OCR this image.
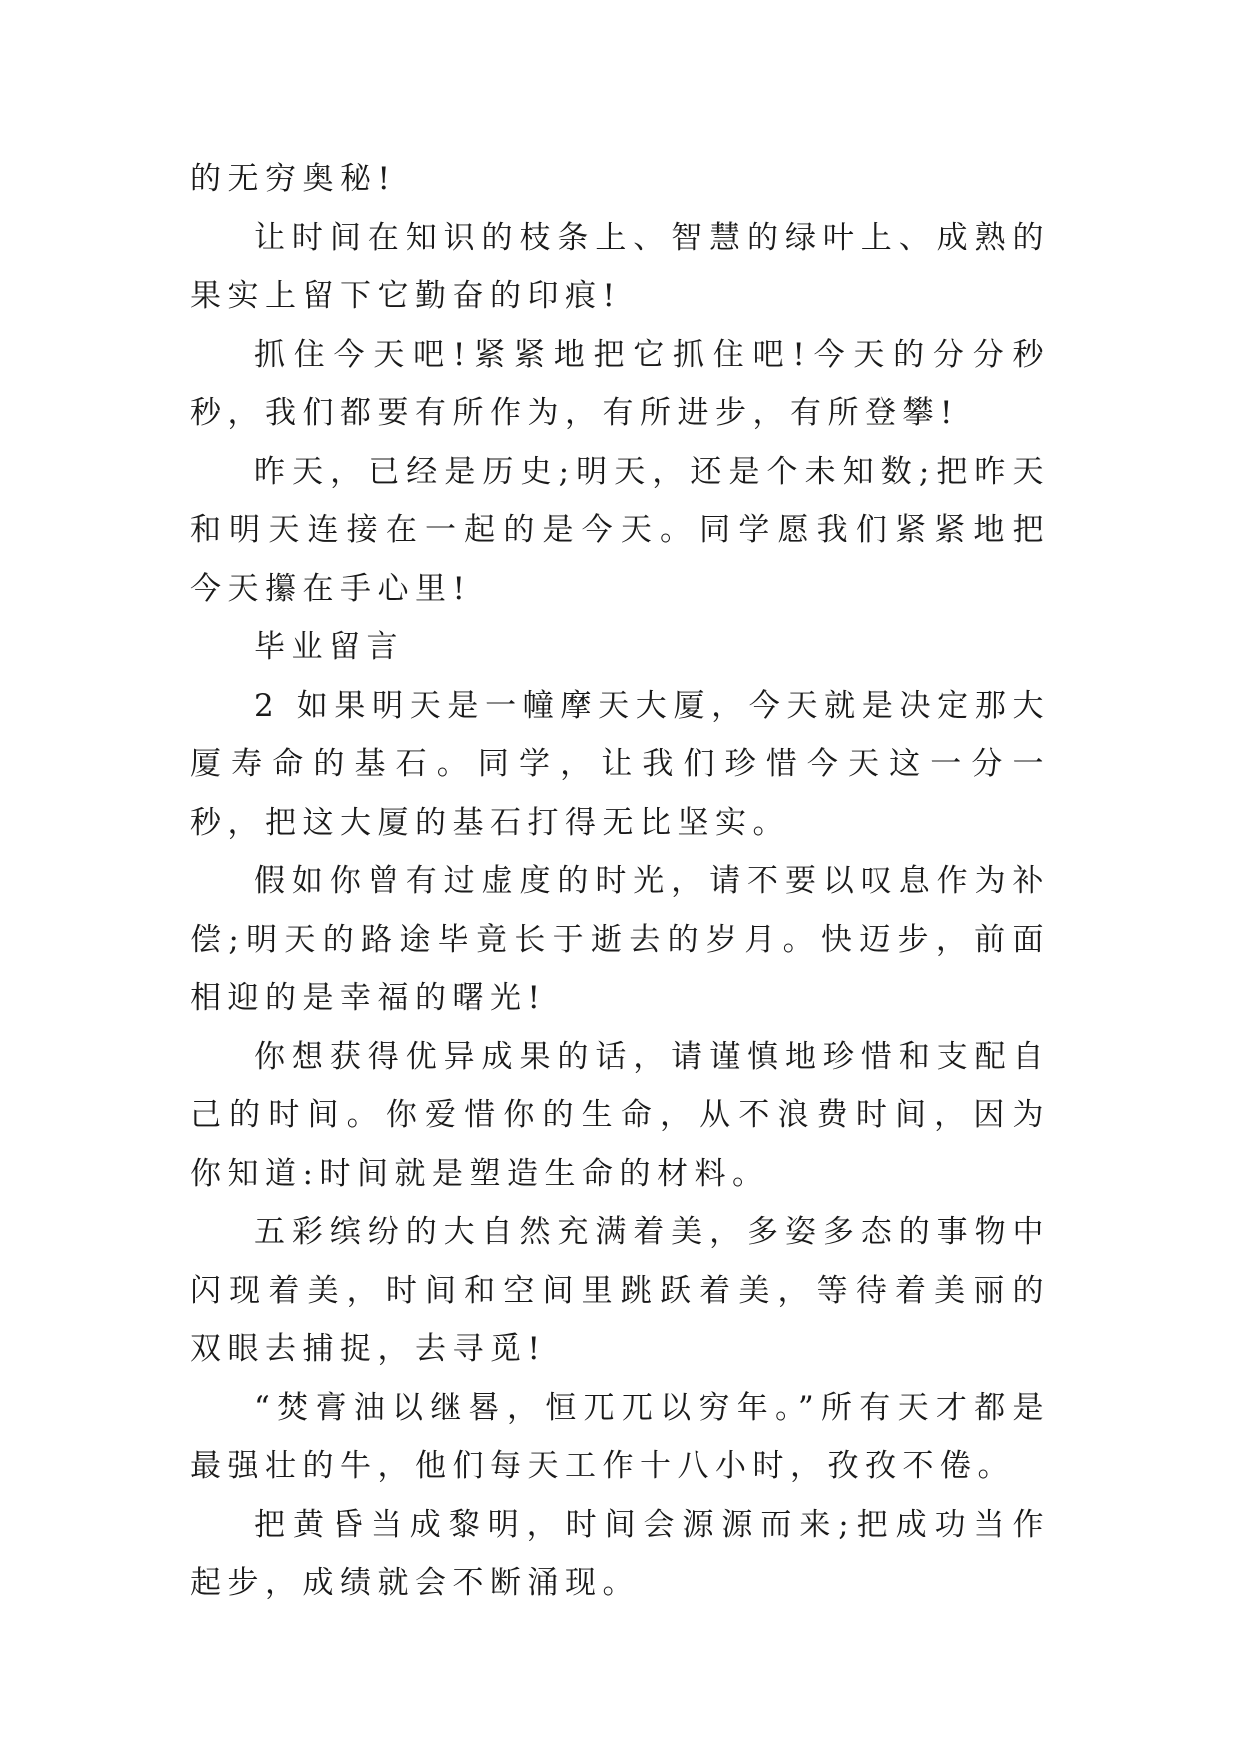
的无穷奥秘!

让时间在知识的枝条上、智慧的绿叶上、成熟的果实上留下它勤奋的印痕!

抓住今天吧!紧紧地把它抓住吧!今天的分分秒秒，我们都要有所作为，有所进步，有所登攀!

昨天，已经是历史;明天，还是个未知数;把昨天和明天连接在一起的是今天。同学愿我们紧紧地把今天攥在手心里!

毕业留言

2 如果明天是一幢摩天大厦，今天就是决定那大厦寿命的基石。同学，让我们珍惜今天这一分一秒，把这大厦的基石打得无比坚实。

假如你曾有过虚度的时光，请不要以叹息作为补偿;明天的路途毕竟长于逝去的岁月。快迈步，前面相迎的是幸福的曙光!

你想获得优异成果的话，请谨慎地珍惜和支配自己的时间。你爱惜你的生命，从不浪费时间，因为你知道:时间就是塑造生命的材料。

五彩缤纷的大自然充满着美，多姿多态的事物中闪现着美，时间和空间里跳跃着美，等待着美丽的双眼去捕捉，去寻觅!

“焚膏油以继晷，恒兀兀以穷年。”所有天才都是最强壮的牛，他们每天工作十八小时，孜孜不倦。

把黄昏当成黎明，时间会源源而来;把成功当作起步，成绩就会不断涌现。
